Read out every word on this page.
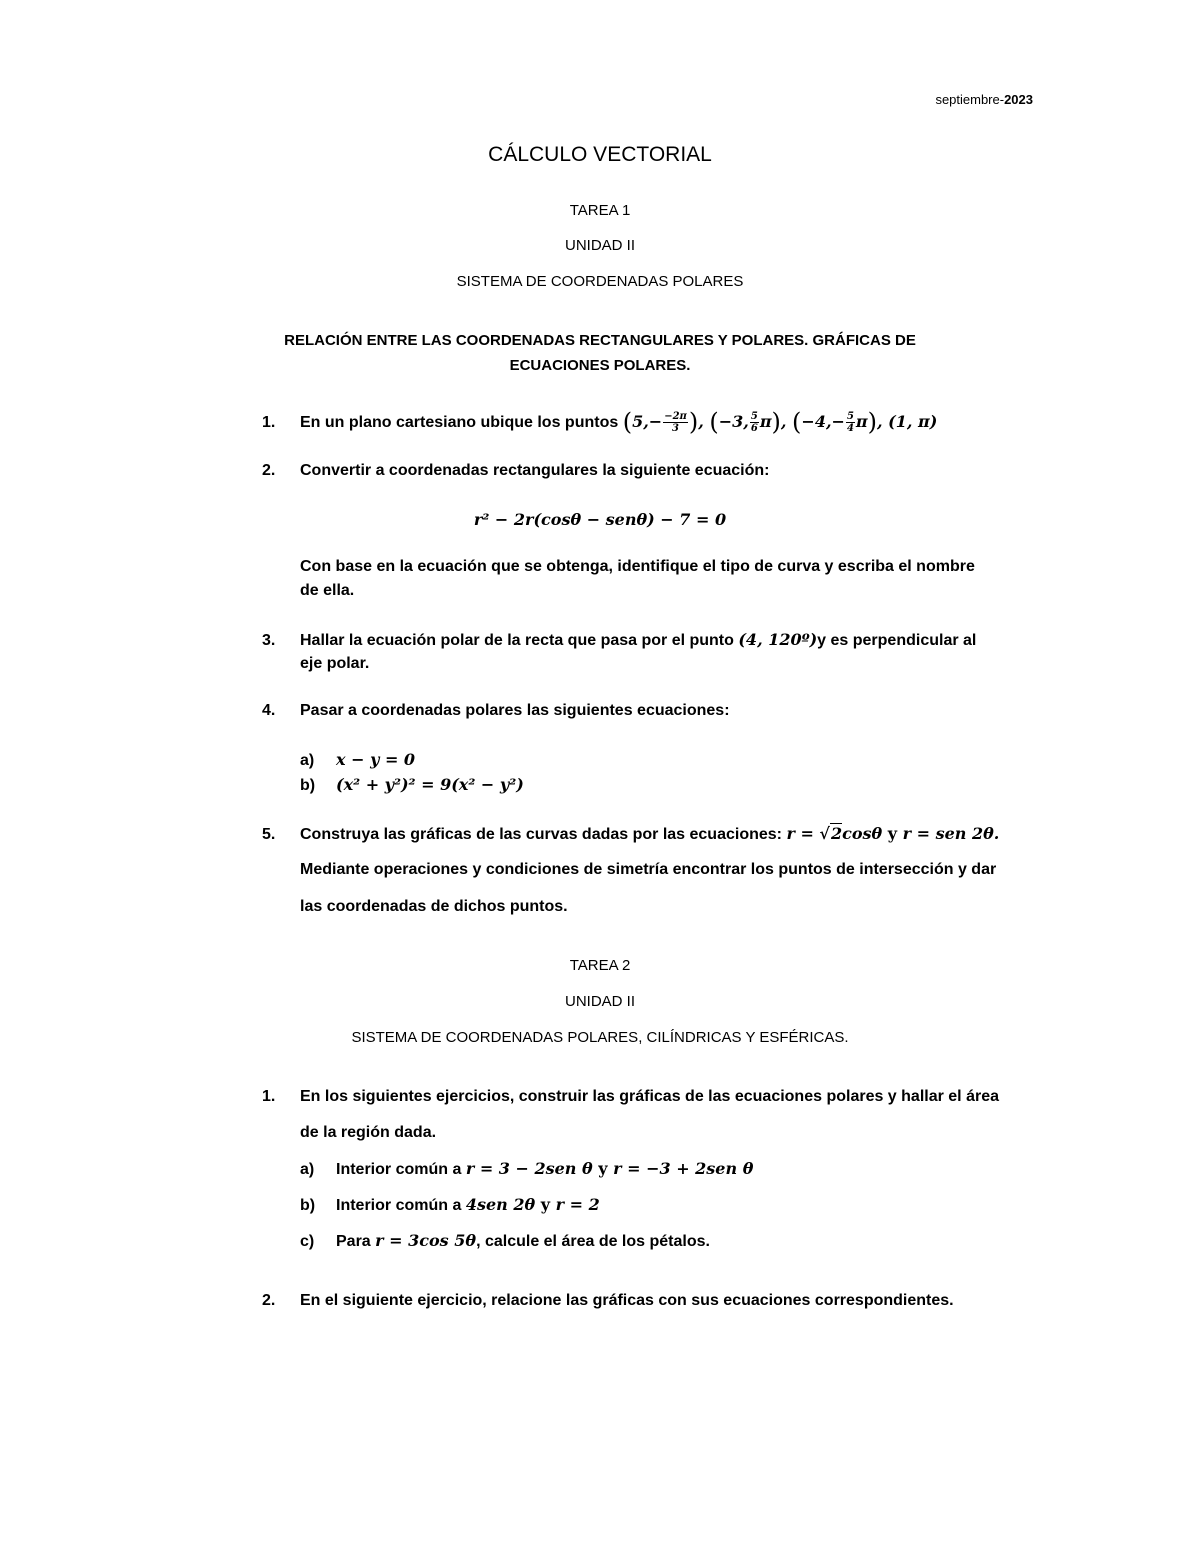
septiembre-2023
CÁLCULO VECTORIAL
TAREA 1
UNIDAD II
SISTEMA DE COORDENADAS POLARES
RELACIÓN ENTRE LAS COORDENADAS RECTANGULARES Y POLARES. GRÁFICAS DE
ECUACIONES POLARES.
1. En un plano cartesiano ubique los puntos ($5,- \frac{-2\pi}{3}$ ), (−3, $\frac{5}{6} \pi$), $(-4,- \frac{5}{4} \pi)$, (1, π)
2. Convertir a coordenadas rectangulares la siguiente ecuación:
r² − 2r(cosθ − senθ) − 7 = 0
Con base en la ecuación que se obtenga, identifique el tipo de curva y escriba el nombre
de ella.
3. Hallar la ecuación polar de la recta que pasa por el punto (4, 120º)y es perpendicular al
eje polar.
4. Pasar a coordenadas polares las siguientes ecuaciones:
a) x − y = 0
b) (x² + y²)² = 9(x² − y²)
5. Construya las gráficas de las curvas dadas por las ecuaciones: r = √2cosθ y r = sen 2θ.
Mediante operaciones y condiciones de simetría encontrar los puntos de intersección y dar
las coordenadas de dichos puntos.
TAREA 2
UNIDAD II
SISTEMA DE COORDENADAS POLARES, CILÍNDRICAS Y ESFÉRICAS.
1. En los siguientes ejercicios, construir las gráficas de las ecuaciones polares y hallar el área
de la región dada.
a) Interior común a r = 3 − 2sen θ y r = −3 + 2sen θ
b) Interior común a 4sen 2θ y r = 2
c) Para r = 3cos 5θ, calcule el área de los pétalos.
2. En el siguiente ejercicio, relacione las gráficas con sus ecuaciones correspondientes.
